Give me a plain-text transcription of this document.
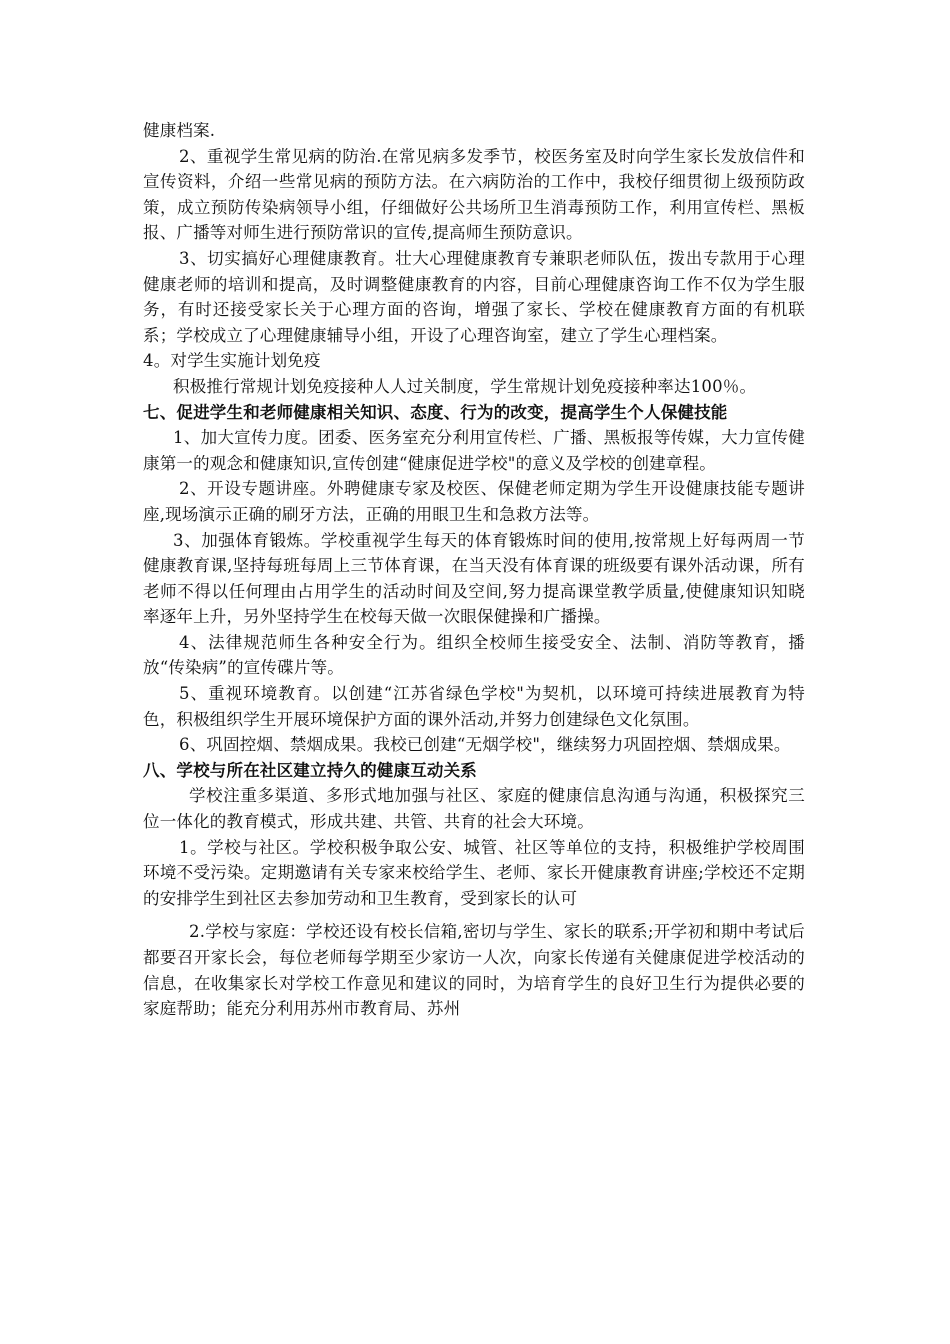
健康档案.

2、重视学生常见病的防治.在常见病多发季节，校医务室及时向学生家长发放信件和宣传资料，介绍一些常见病的预防方法。在六病防治的工作中，我校仔细贯彻上级预防政策，成立预防传染病领导小组，仔细做好公共场所卫生消毒预防工作，利用宣传栏、黑板报、广播等对师生进行预防常识的宣传,提高师生预防意识。

3、切实搞好心理健康教育。壮大心理健康教育专兼职老师队伍，拨出专款用于心理健康老师的培训和提高，及时调整健康教育的内容，目前心理健康咨询工作不仅为学生服务，有时还接受家长关于心理方面的咨询，增强了家长、学校在健康教育方面的有机联系；学校成立了心理健康辅导小组，开设了心理咨询室，建立了学生心理档案。

4。对学生实施计划免疫

积极推行常规计划免疫接种人人过关制度，学生常规计划免疫接种率达100％。

七、促进学生和老师健康相关知识、态度、行为的改变，提高学生个人保健技能

1、加大宣传力度。团委、医务室充分利用宣传栏、广播、黑板报等传媒，大力宣传健康第一的观念和健康知识,宣传创建“健康促进学校"的意义及学校的创建章程。

2、开设专题讲座。外聘健康专家及校医、保健老师定期为学生开设健康技能专题讲座,现场演示正确的刷牙方法，正确的用眼卫生和急救方法等。

3、加强体育锻炼。学校重视学生每天的体育锻炼时间的使用,按常规上好每两周一节健康教育课,坚持每班每周上三节体育课，在当天没有体育课的班级要有课外活动课，所有老师不得以任何理由占用学生的活动时间及空间,努力提高课堂教学质量,使健康知识知晓率逐年上升，另外坚持学生在校每天做一次眼保健操和广播操。

4、法律规范师生各种安全行为。组织全校师生接受安全、法制、消防等教育，播放“传染病”的宣传碟片等。

5、重视环境教育。以创建“江苏省绿色学校"为契机，以环境可持续进展教育为特色，积极组织学生开展环境保护方面的课外活动,并努力创建绿色文化氛围。

6、巩固控烟、禁烟成果。我校已创建“无烟学校"，继续努力巩固控烟、禁烟成果。

八、学校与所在社区建立持久的健康互动关系

学校注重多渠道、多形式地加强与社区、家庭的健康信息沟通与沟通，积极探究三位一体化的教育模式，形成共建、共管、共育的社会大环境。

1。学校与社区。学校积极争取公安、城管、社区等单位的支持，积极维护学校周围环境不受污染。定期邀请有关专家来校给学生、老师、家长开健康教育讲座;学校还不定期的安排学生到社区去参加劳动和卫生教育，受到家长的认可

2.学校与家庭：学校还设有校长信箱,密切与学生、家长的联系;开学初和期中考试后都要召开家长会，每位老师每学期至少家访一人次，向家长传递有关健康促进学校活动的信息，在收集家长对学校工作意见和建议的同时，为培育学生的良好卫生行为提供必要的家庭帮助；能充分利用苏州市教育局、苏州
